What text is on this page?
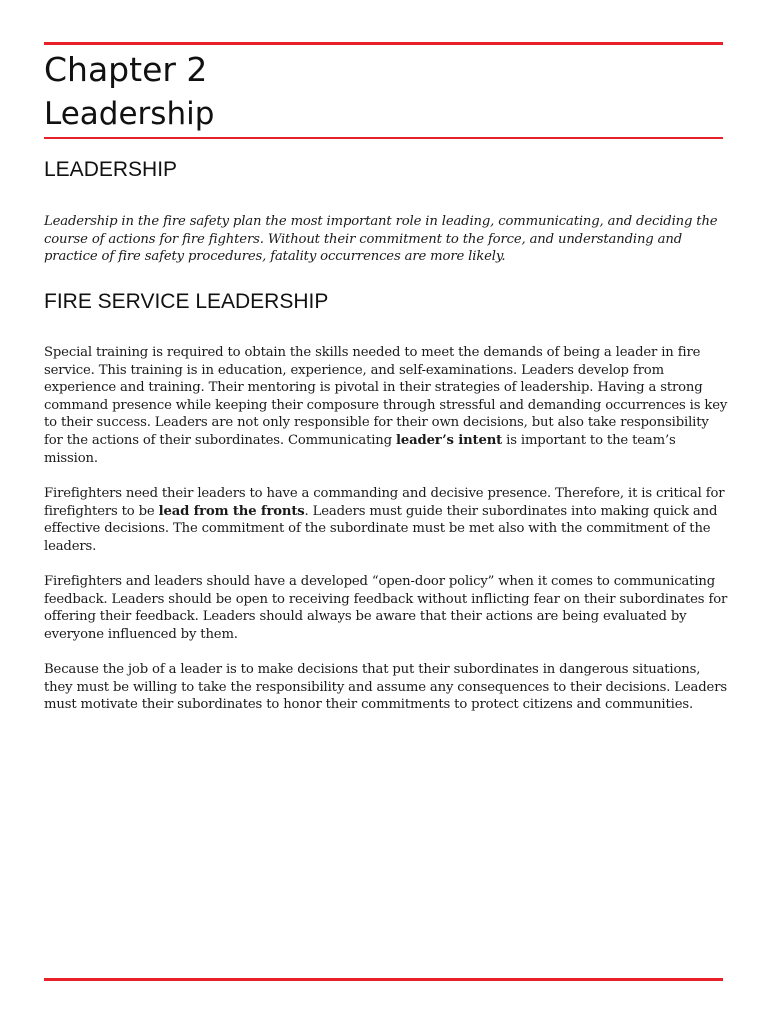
Chapter 2
Leadership
LEADERSHIP

Leadership in the fire safety plan the most important role in leading, communicating, and deciding the course of actions for fire fighters. Without their commitment to the force, and understanding and practice of fire safety procedures, fatality occurrences are more likely.

FIRE SERVICE LEADERSHIP

Special training is required to obtain the skills needed to meet the demands of being a leader in fire service. This training is in education, experience, and self-examinations. Leaders develop from experience and training. Their mentoring is pivotal in their strategies of leadership. Having a strong command presence while keeping their composure through stressful and demanding occurrences is key to their success. Leaders are not only responsible for their own decisions, but also take responsibility for the actions of their subordinates. Communicating leader’s intent is important to the team’s mission.

Firefighters need their leaders to have a commanding and decisive presence. Therefore, it is critical for firefighters to be lead from the fronts. Leaders must guide their subordinates into making quick and effective decisions. The commitment of the subordinate must be met also with the commitment of the leaders.

Firefighters and leaders should have a developed “open-door policy” when it comes to communicating feedback. Leaders should be open to receiving feedback without inflicting fear on their subordinates for offering their feedback. Leaders should always be aware that their actions are being evaluated by everyone influenced by them.

Because the job of a leader is to make decisions that put their subordinates in dangerous situations, they must be willing to take the responsibility and assume any consequences to their decisions. Leaders must motivate their subordinates to honor their commitments to protect citizens and communities.
